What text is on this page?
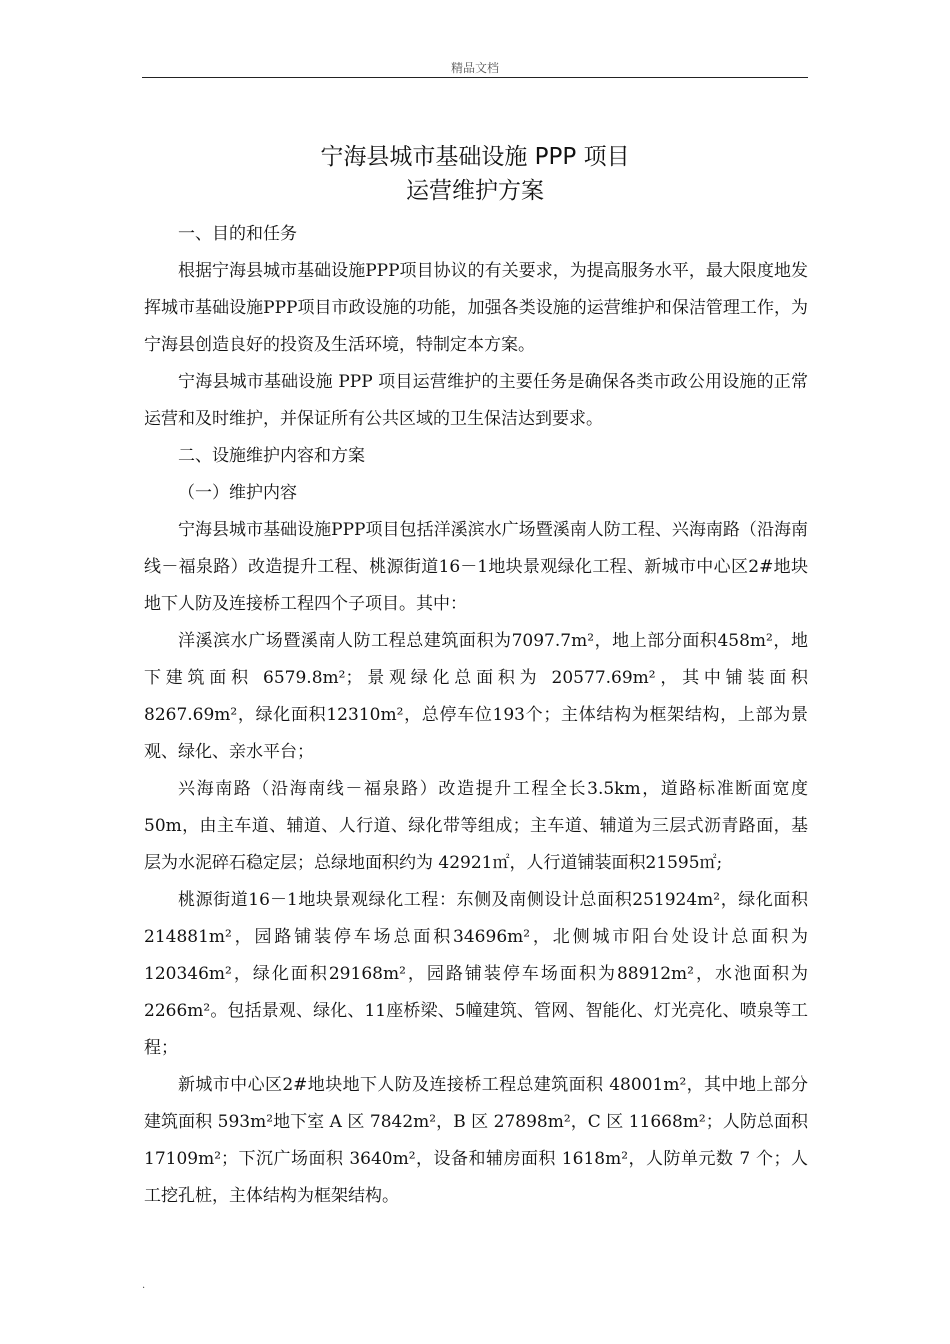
精品文档
宁海县城市基础设施 PPP 项目
运营维护方案

一、目的和任务

根据宁海县城市基础设施PPP项目协议的有关要求，为提高服务水平，最大限度地发挥城市基础设施PPP项目市政设施的功能，加强各类设施的运营维护和保洁管理工作，为宁海县创造良好的投资及生活环境，特制定本方案。

宁海县城市基础设施 PPP 项目运营维护的主要任务是确保各类市政公用设施的正常运营和及时维护，并保证所有公共区域的卫生保洁达到要求。

二、设施维护内容和方案

（一）维护内容

宁海县城市基础设施PPP项目包括洋溪滨水广场暨溪南人防工程、兴海南路（沿海南线－福泉路）改造提升工程、桃源街道16－1地块景观绿化工程、新城市中心区2#地块地下人防及连接桥工程四个子项目。其中：

洋溪滨水广场暨溪南人防工程总建筑面积为7097.7m²，地上部分面积458m²，地下建筑面积 6579.8m²；景观绿化总面积为 20577.69m²，其中铺装面积8267.69m²，绿化面积12310m²，总停车位193个；主体结构为框架结构，上部为景观、绿化、亲水平台；

兴海南路（沿海南线－福泉路）改造提升工程全长3.5km，道路标准断面宽度50m，由主车道、辅道、人行道、绿化带等组成；主车道、辅道为三层式沥青路面，基层为水泥碎石稳定层；总绿地面积约为 42921㎡，人行道铺装面积21595㎡;

桃源街道16－1地块景观绿化工程：东侧及南侧设计总面积251924m²，绿化面积214881m²，园路铺装停车场总面积34696m²，北侧城市阳台处设计总面积为120346m²，绿化面积29168m²，园路铺装停车场面积为88912m²，水池面积为2266m²。包括景观、绿化、11座桥梁、5幢建筑、管网、智能化、灯光亮化、喷泉等工程；

新城市中心区2#地块地下人防及连接桥工程总建筑面积 48001m²，其中地上部分建筑面积 593m²地下室 A 区 7842m²，B 区 27898m²，C 区 11668m²；人防总面积 17109m²；下沉广场面积 3640m²，设备和辅房面积 1618m²，人防单元数 7 个；人工挖孔桩，主体结构为框架结构。

.
